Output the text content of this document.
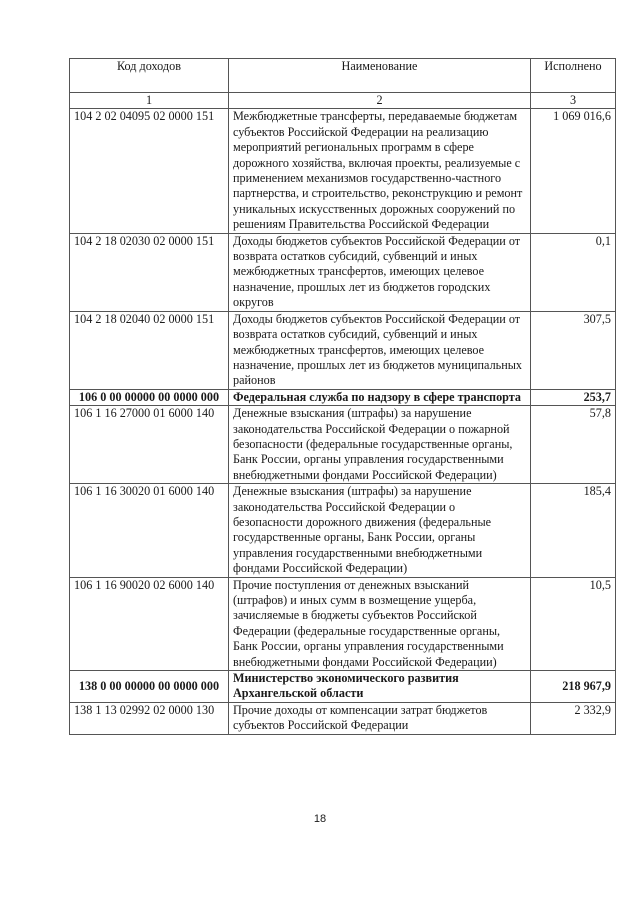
Код доходов	Наименование	Исполнено
1	2	3
104 2 02 04095 02 0000 151	Межбюджетные трансферты, передаваемые бюджетам субъектов Российской Федерации на реализацию мероприятий региональных программ в сфере дорожного хозяйства, включая проекты, реализуемые с применением механизмов государственно-частного партнерства, и строительство, реконструкцию и ремонт уникальных искусственных дорожных сооружений по решениям Правительства Российской Федерации	1 069 016,6
104 2 18 02030 02 0000 151	Доходы бюджетов субъектов Российской Федерации от возврата остатков субсидий, субвенций и иных межбюджетных трансфертов, имеющих целевое назначение, прошлых лет из бюджетов городских округов	0,1
104 2 18 02040 02 0000 151	Доходы бюджетов субъектов Российской Федерации от возврата остатков субсидий, субвенций и иных межбюджетных трансфертов, имеющих целевое назначение, прошлых лет из бюджетов муниципальных районов	307,5
106 0 00 00000 00 0000 000	Федеральная служба по надзору в сфере транспорта	253,7
106 1 16 27000 01 6000 140	Денежные взыскания (штрафы) за нарушение законодательства Российской Федерации о пожарной безопасности (федеральные государственные органы, Банк России, органы управления государственными внебюджетными фондами Российской Федерации)	57,8
106 1 16 30020 01 6000 140	Денежные взыскания (штрафы) за нарушение законодательства Российской Федерации о безопасности дорожного движения (федеральные государственные органы, Банк России, органы управления государственными внебюджетными фондами Российской Федерации)	185,4
106 1 16 90020 02 6000 140	Прочие поступления от денежных взысканий (штрафов) и иных сумм в возмещение ущерба, зачисляемые в бюджеты субъектов Российской Федерации (федеральные государственные органы, Банк России, органы управления государственными внебюджетными фондами Российской Федерации)	10,5
138 0 00 00000 00 0000 000	Министерство экономического развития Архангельской области	218 967,9
138 1 13 02992 02 0000 130	Прочие доходы от компенсации затрат бюджетов субъектов Российской Федерации	2 332,9
18
